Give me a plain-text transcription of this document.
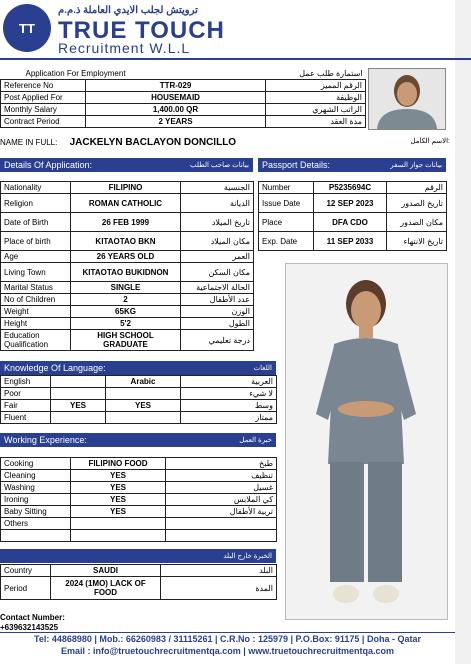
TT
ترويتش لجلب الايدي العاملة ذ.م.م
TRUE TOUCH
Recruitment W.L.L
Application For Employment		استمارة طلب عمل
Reference No	TTR-029	الرقم المميز
Post Applied For	HOUSEMAID	الوظيفة
Monthly Salary	1,400.00 QR	الراتب الشهري
Contract Period	2 YEARS	مدة العقد
NAME IN FULL: JACKELYN BACLAYON DONCILLO	الاسم الكامل:
Details Of Application:	بيانات صاحب الطلب
Nationality	FILIPINO	الجنسية
Religion	ROMAN CATHOLIC	الديانة
Date of Birth	26 FEB 1999	تاريخ الميلاد
Place of birth	KITAOTAO BKN	مكان الميلاد
Age	26 YEARS OLD	العمر
Living Town	KITAOTAO BUKIDNON	مكان السكن
Marital Status	SINGLE	الحالة الاجتماعية
No of Children	2	عدد الأطفال
Weight	65KG	الوزن
Height	5'2	الطول
Education Qualification	HIGH SCHOOL GRADUATE	درجة تعليمي
Passport Details:	بيانات جواز السفر
Number	P5235694C	الرقم
Issue Date	12 SEP 2023	تاريخ الصدور
Place	DFA CDO	مكان الصدور
Exp. Date	11 SEP 2033	تاريخ الانتهاء
Knowledge Of Language:	اللغات
English		Arabic	العربية
Poor			لا شيء
Fair	YES	YES	وسط
Fluent			ممتاز
Working Experience:	خبرة العمل
Cooking	FILIPINO FOOD	طبخ
Cleaning	YES	تنظيف
Washing	YES	غسيل
Ironing	YES	كي الملابس
Baby Sitting	YES	تربية الأطفال
Others		

الخبرة خارج البلد
Country	SAUDI	البلد
Period	2024 (1MO) LACK OF FOOD	المدة
Contact Number:
+639632143525
Tel: 44868980 | Mob.: 66260983 / 31115261 | C.R.No : 125979 | P.O.Box: 91175 | Doha - Qatar
Email : info@truetouchrecruitmentqa.com | www.truetouchrecruitmentqa.com
